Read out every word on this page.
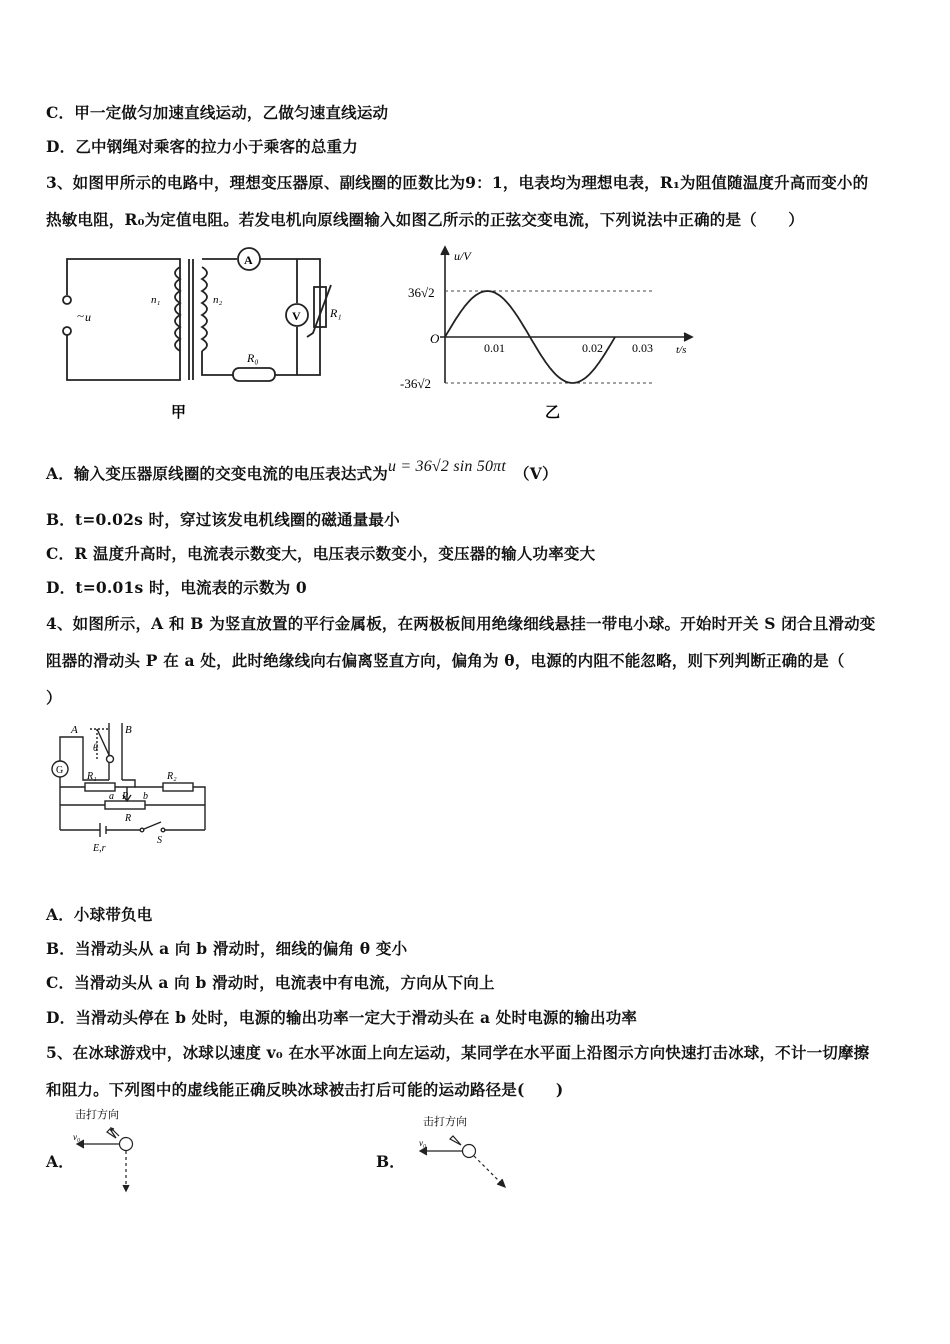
C．甲一定做匀加速直线运动，乙做匀速直线运动
D．乙中钢绳对乘客的拉力小于乘客的总重力
3、如图甲所示的电路中，理想变压器原、副线圈的匝数比为9：1，电表均为理想电表，R₁为阻值随温度升高而变小的
热敏电阻，R₀为定值电阻。若发电机向原线圈输入如图乙所示的正弦交变电流，下列说法中正确的是（　　）
~ u
n₁	n₂
A
V R₁
R₀
甲
u/V
36√2
O
-36√2
0.01	0.02 0.03 t/s
乙
A．输入变压器原线圈的交变电流的电压表达式为u = 36√2 sin 50πt　 （V）
B．t=0.02s 时，穿过该发电机线圈的磁通量最小
C．R 温度升高时，电流表示数变大，电压表示数变小，变压器的输人功率变大
D．t=0.01s 时，电流表的示数为 0
4、如图所示，A 和 B 为竖直放置的平行金属板，在两极板间用绝缘细线悬挂一带电小球。开始时开关 S 闭合且滑动变
阻器的滑动头 P 在 a 处，此时绝缘线向右偏离竖直方向，偏角为 θ，电源的内阻不能忽略，则下列判断正确的是（
）
A	B
θ
G
R₁	R₂
a P b
R
E,r
S
A．小球带负电
B．当滑动头从 a 向 b 滑动时，细线的偏角 θ 变小
C．当滑动头从 a 向 b 滑动时，电流表中有电流，方向从下向上
D．当滑动头停在 b 处时，电源的输出功率一定大于滑动头在 a 处时电源的输出功率
5、在冰球游戏中，冰球以速度 v₀ 在水平冰面上向左运动，某同学在水平面上沿图示方向快速打击冰球，不计一切摩擦
和阻力。下列图中的虚线能正确反映冰球被击打后可能的运动路径是(　　)
A．
击打方向
v₀
B．
击打方向
v₀
